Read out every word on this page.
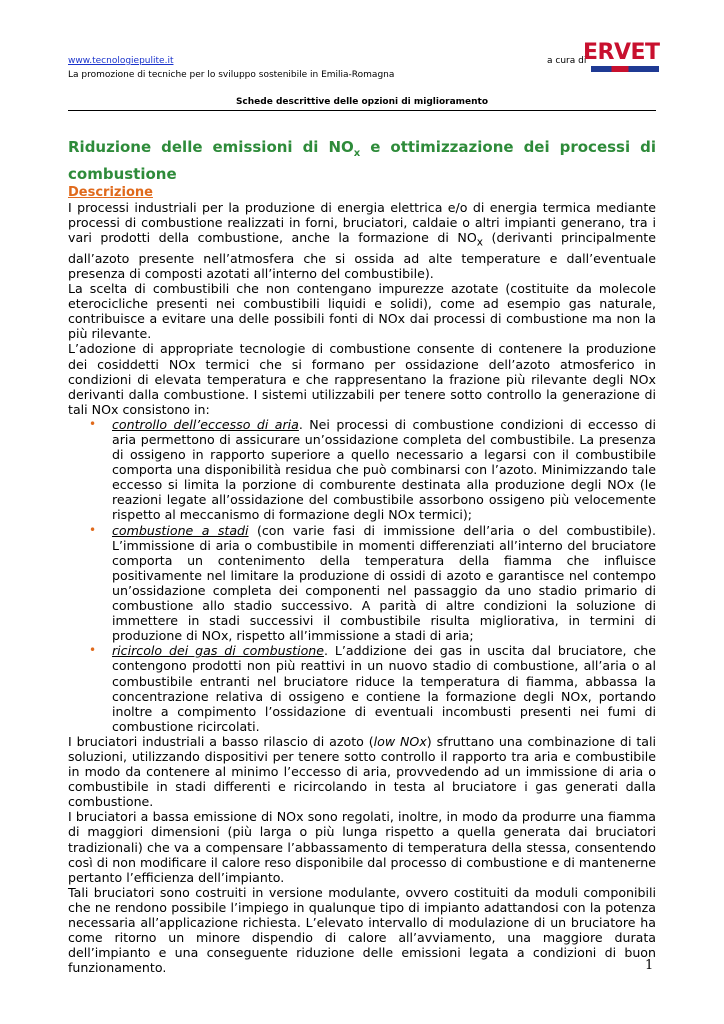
www.tecnologiepulite.it
La promozione di tecniche per lo sviluppo sostenibile in Emilia-Romagna
a cura di
ERVET
Schede descrittive delle opzioni di miglioramento
Riduzione delle emissioni di $NO_x$ e ottimizzazione dei processi di combustione
Descrizione

I processi industriali per la produzione di energia elettrica e/o di energia termica mediante processi di combustione realizzati in forni, bruciatori, caldaie o altri impianti generano, tra i vari prodotti della combustione, anche la formazione di $NO_x$ (derivanti principalmente dall’azoto presente nell’atmosfera che si ossida ad alte temperature e dall’eventuale presenza di composti azotati all’interno del combustibile).

La scelta di combustibili che non contengano impurezze azotate (costituite da molecole eterocicliche presenti nei combustibili liquidi e solidi), come ad esempio gas naturale, contribuisce a evitare una delle possibili fonti di NOx dai processi di combustione ma non la più rilevante.

L’adozione di appropriate tecnologie di combustione consente di contenere la produzione dei cosiddetti NOx termici che si formano per ossidazione dell’azoto atmosferico in condizioni di elevata temperatura e che rappresentano la frazione più rilevante degli NOx derivanti dalla combustione. I sistemi utilizzabili per tenere sotto controllo la generazione di tali NOx consistono in:

• controllo dell’eccesso di aria. Nei processi di combustione condizioni di eccesso di aria permettono di assicurare un’ossidazione completa del combustibile. La presenza di ossigeno in rapporto superiore a quello necessario a legarsi con il combustibile comporta una disponibilità residua che può combinarsi con l’azoto. Minimizzando tale eccesso si limita la porzione di comburente destinata alla produzione degli NOx (le reazioni legate all’ossidazione del combustibile assorbono ossigeno più velocemente rispetto al meccanismo di formazione degli NOx termici);
• combustione a stadi (con varie fasi di immissione dell’aria o del combustibile). L’immissione di aria o combustibile in momenti differenziati all’interno del bruciatore comporta un contenimento della temperatura della fiamma che influisce positivamente nel limitare la produzione di ossidi di azoto e garantisce nel contempo un’ossidazione completa dei componenti nel passaggio da uno stadio primario di combustione allo stadio successivo. A parità di altre condizioni la soluzione di immettere in stadi successivi il combustibile risulta migliorativa, in termini di produzione di NOx, rispetto all’immissione a stadi di aria;
• ricircolo dei gas di combustione. L’addizione dei gas in uscita dal bruciatore, che contengono prodotti non più reattivi in un nuovo stadio di combustione, all’aria o al combustibile entranti nel bruciatore riduce la temperatura di fiamma, abbassa la concentrazione relativa di ossigeno e contiene la formazione degli NOx, portando inoltre a compimento l’ossidazione di eventuali incombusti presenti nei fumi di combustione ricircolati.

I bruciatori industriali a basso rilascio di azoto (low NOx) sfruttano una combinazione di tali soluzioni, utilizzando dispositivi per tenere sotto controllo il rapporto tra aria e combustibile in modo da contenere al minimo l’eccesso di aria, provvedendo ad un immissione di aria o combustibile in stadi differenti e ricircolando in testa al bruciatore i gas generati dalla combustione.

I bruciatori a bassa emissione di NOx sono regolati, inoltre, in modo da produrre una fiamma di maggiori dimensioni (più larga o più lunga rispetto a quella generata dai bruciatori tradizionali) che va a compensare l’abbassamento di temperatura della stessa, consentendo così di non modificare il calore reso disponibile dal processo di combustione e di mantenerne pertanto l’efficienza dell’impianto.

Tali bruciatori sono costruiti in versione modulante, ovvero costituiti da moduli componibili che ne rendono possibile l’impiego in qualunque tipo di impianto adattandosi con la potenza necessaria all’applicazione richiesta. L’elevato intervallo di modulazione di un bruciatore ha come ritorno un minore dispendio di calore all’avviamento, una maggiore durata dell’impianto e una conseguente riduzione delle emissioni legata a condizioni di buon funzionamento.	1
